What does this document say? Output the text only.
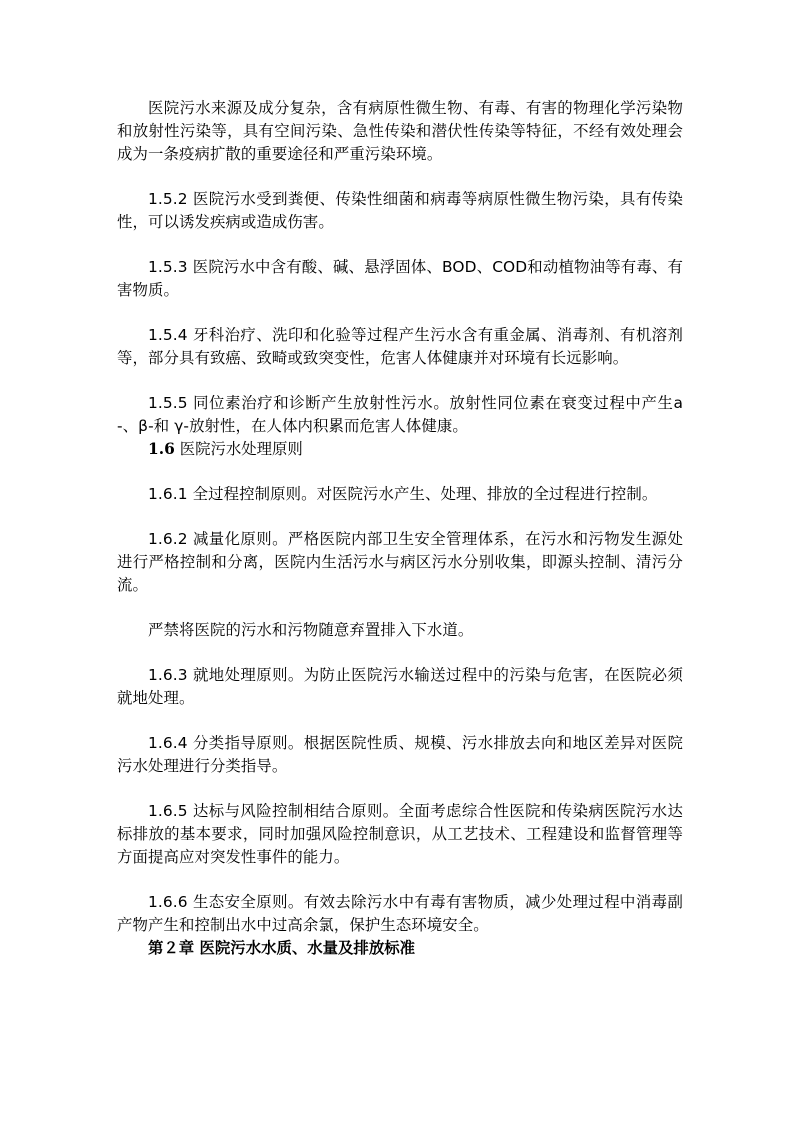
医院污水来源及成分复杂，含有病原性微生物、有毒、有害的物理化学污染物和放射性污染等，具有空间污染、急性传染和潜伏性传染等特征，不经有效处理会成为一条疫病扩散的重要途径和严重污染环境。

1.5.2 医院污水受到粪便、传染性细菌和病毒等病原性微生物污染，具有传染性，可以诱发疾病或造成伤害。

1.5.3 医院污水中含有酸、碱、悬浮固体、BOD、COD和动植物油等有毒、有害物质。

1.5.4 牙科治疗、洗印和化验等过程产生污水含有重金属、消毒剂、有机溶剂等，部分具有致癌、致畸或致突变性，危害人体健康并对环境有长远影响。

1.5.5 同位素治疗和诊断产生放射性污水。放射性同位素在衰变过程中产生a-、β-和 γ-放射性，在人体内积累而危害人体健康。

1.6 医院污水处理原则

1.6.1 全过程控制原则。对医院污水产生、处理、排放的全过程进行控制。

1.6.2 减量化原则。严格医院内部卫生安全管理体系，在污水和污物发生源处进行严格控制和分离，医院内生活污水与病区污水分别收集，即源头控制、清污分流。

严禁将医院的污水和污物随意弃置排入下水道。

1.6.3 就地处理原则。为防止医院污水输送过程中的污染与危害，在医院必须就地处理。

1.6.4 分类指导原则。根据医院性质、规模、污水排放去向和地区差异对医院污水处理进行分类指导。

1.6.5 达标与风险控制相结合原则。全面考虑综合性医院和传染病医院污水达标排放的基本要求，同时加强风险控制意识，从工艺技术、工程建设和监督管理等方面提高应对突发性事件的能力。

1.6.6 生态安全原则。有效去除污水中有毒有害物质，减少处理过程中消毒副产物产生和控制出水中过高余氯，保护生态环境安全。

第２章 医院污水水质、水量及排放标准
